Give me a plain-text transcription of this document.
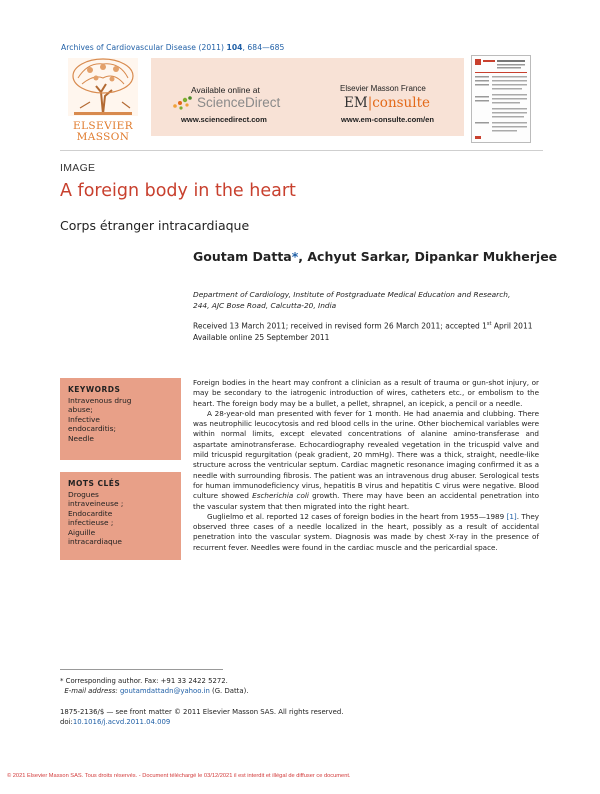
Archives of Cardiovascular Disease (2011) 104, 684—685
ELSEVIER MASSON
Available online at
ScienceDirect
www.sciencedirect.com
Elsevier Masson France
EM|consulte
www.em-consulte.com/en
IMAGE
A foreign body in the heart
Corps étranger intracardiaque
Goutam Datta*, Achyut Sarkar, Dipankar Mukherjee
Department of Cardiology, Institute of Postgraduate Medical Education and Research,
244, AJC Bose Road, Calcutta-20, India
Received 13 March 2011; received in revised form 26 March 2011; accepted 1st April 2011
Available online 25 September 2011
KEYWORDS
Intravenous drug
abuse;
Infective
endocarditis;
Needle
MOTS CLÉS
Drogues
intraveineuse ;
Endocardite
infectieuse ;
Aiguille
intracardiaque

Foreign bodies in the heart may confront a clinician as a result of trauma or gun-shot injury, or may be secondary to the iatrogenic introduction of wires, catheters etc., or embolism to the heart. The foreign body may be a bullet, a pellet, shrapnel, an icepick, a pencil or a needle.

A 28-year-old man presented with fever for 1 month. He had anaemia and clubbing. There was neutrophilic leucocytosis and red blood cells in the urine. Other biochemical variables were within normal limits, except elevated concentrations of alanine amino-transferase and aspartate aminotransferase. Echocardiography revealed vegetation in the tricuspid valve and mild tricuspid regurgitation (peak gradient, 20 mmHg). There was a thick, straight, needle-like structure across the ventricular septum. Cardiac magnetic resonance imaging confirmed it as a needle with surrounding fibrosis. The patient was an intravenous drug abuser. Serological tests for human immunodeficiency virus, hepatitis B virus and hepatitis C virus were negative. Blood culture showed Escherichia coli growth. There may have been an accidental penetration into the vascular system that then migrated into the right heart.

Guglielmo et al. reported 12 cases of foreign bodies in the heart from 1955—1989 [1]. They observed three cases of a needle localized in the heart, possibly as a result of accidental penetration into the vascular system. Diagnosis was made by chest X-ray in the presence of recurrent fever. Needles were found in the cardiac muscle and the pericardial space.

* Corresponding author. Fax: +91 33 2422 5272.
E-mail address: goutamdattadn@yahoo.in (G. Datta).
1875-2136/$ — see front matter © 2011 Elsevier Masson SAS. All rights reserved.
doi:10.1016/j.acvd.2011.04.009
© 2021 Elsevier Masson SAS. Tous droits réservés. - Document téléchargé le 03/12/2021 il est interdit et illégal de diffuser ce document.
